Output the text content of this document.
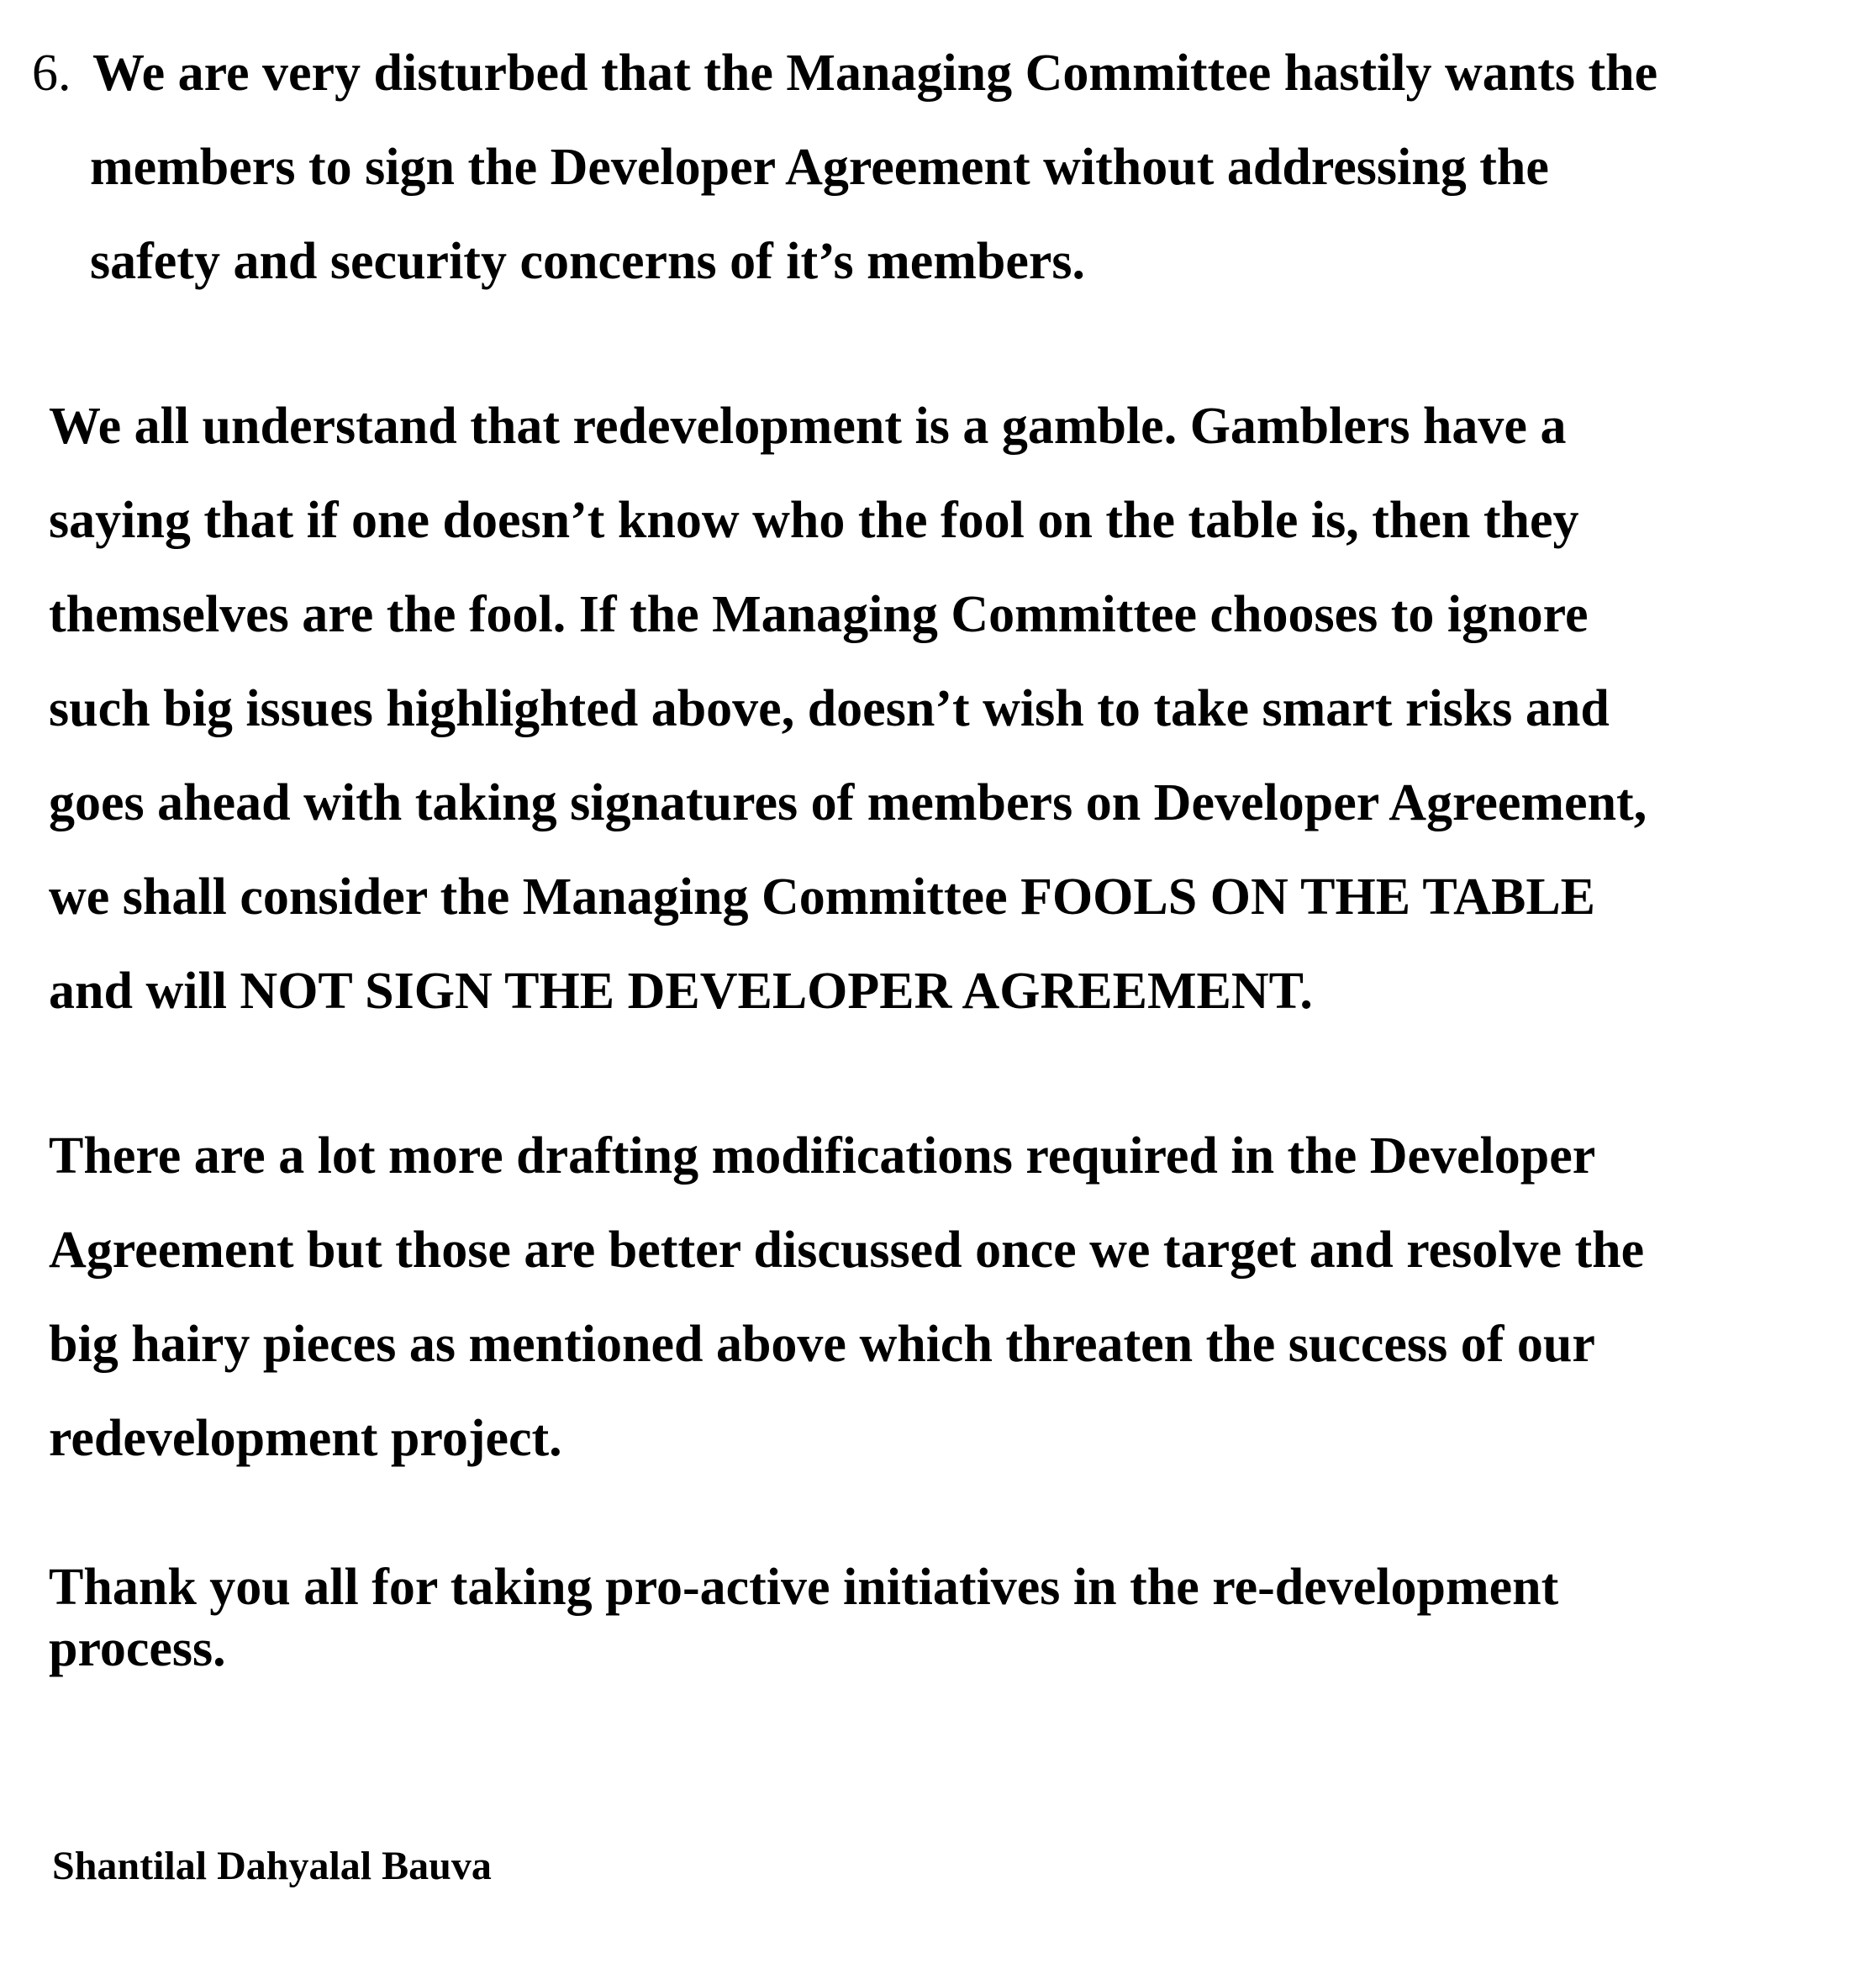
6. We are very disturbed that the Managing Committee hastily wants the
members to sign the Developer Agreement without addressing the
safety and security concerns of it’s members.
We all understand that redevelopment is a gamble. Gamblers have a
saying that if one doesn’t know who the fool on the table is, then they
themselves are the fool. If the Managing Committee chooses to ignore
such big issues highlighted above, doesn’t wish to take smart risks and
goes ahead with taking signatures of members on Developer Agreement,
we shall consider the Managing Committee FOOLS ON THE TABLE
and will NOT SIGN THE DEVELOPER AGREEMENT.
There are a lot more drafting modifications required in the Developer
Agreement but those are better discussed once we target and resolve the
big hairy pieces as mentioned above which threaten the success of our
redevelopment project.
Thank you all for taking pro-active initiatives in the re-development
process.
Shantilal Dahyalal Bauva
